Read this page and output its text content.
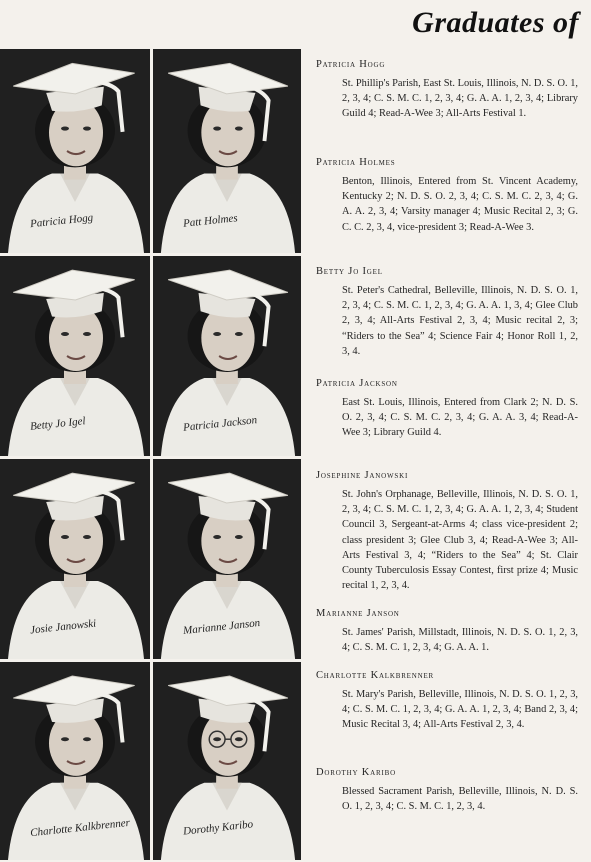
Graduates of
Patricia Hogg	Patt Holmes
Betty Jo Igel	Patricia Jackson
Josie Janowski	Marianne Janson
Charlotte Kalkbrenner	Dorothy Karibo
Patricia Hogg
St. Phillip's Parish, East St. Louis, Illinois, N. D. S. O. 1, 2, 3, 4; C. S. M. C. 1, 2, 3, 4; G. A. A. 1, 2, 3, 4; Library Guild 4; Read-A-Wee 3; All-Arts Festival 1.
Patricia Holmes
Benton, Illinois, Entered from St. Vincent Academy, Kentucky 2; N. D. S. O. 2, 3, 4; C. S. M. C. 2, 3, 4; G. A. A. 2, 3, 4; Varsity manager 4; Music Recital 2, 3; G. C. C. 2, 3, 4, vice-president 3; Read-A-Wee 3.
Betty Jo Igel
St. Peter's Cathedral, Belleville, Illinois, N. D. S. O. 1, 2, 3, 4; C. S. M. C. 1, 2, 3, 4; G. A. A. 1, 3, 4; Glee Club 2, 3, 4; All-Arts Festival 2, 3, 4; Music recital 2, 3; “Riders to the Sea” 4; Science Fair 4; Honor Roll 1, 2, 3, 4.
Patricia Jackson
East St. Louis, Illinois, Entered from Clark 2; N. D. S. O. 2, 3, 4; C. S. M. C. 2, 3, 4; G. A. A. 3, 4; Read-A-Wee 3; Library Guild 4.
Josephine Janowski
St. John's Orphanage, Belleville, Illinois, N. D. S. O. 1, 2, 3, 4; C. S. M. C. 1, 2, 3, 4; G. A. A. 1, 2, 3, 4; Student Council 3, Sergeant-at-Arms 4; class vice-president 2; class president 3; Glee Club 3, 4; Read-A-Wee 3; All-Arts Festival 3, 4; “Riders to the Sea” 4; St. Clair County Tuberculosis Essay Contest, first prize 4; Music recital 1, 2, 3, 4.
Marianne Janson
St. James' Parish, Millstadt, Illinois, N. D. S. O. 1, 2, 3, 4; C. S. M. C. 1, 2, 3, 4; G. A. A. 1.
Charlotte Kalkbrenner
St. Mary's Parish, Belleville, Illinois, N. D. S. O. 1, 2, 3, 4; C. S. M. C. 1, 2, 3, 4; G. A. A. 1, 2, 3, 4; Band 2, 3, 4; Music Recital 3, 4; All-Arts Festival 2, 3, 4.
Dorothy Karibo
Blessed Sacrament Parish, Belleville, Illinois, N. D. S. O. 1, 2, 3, 4; C. S. M. C. 1, 2, 3, 4.
